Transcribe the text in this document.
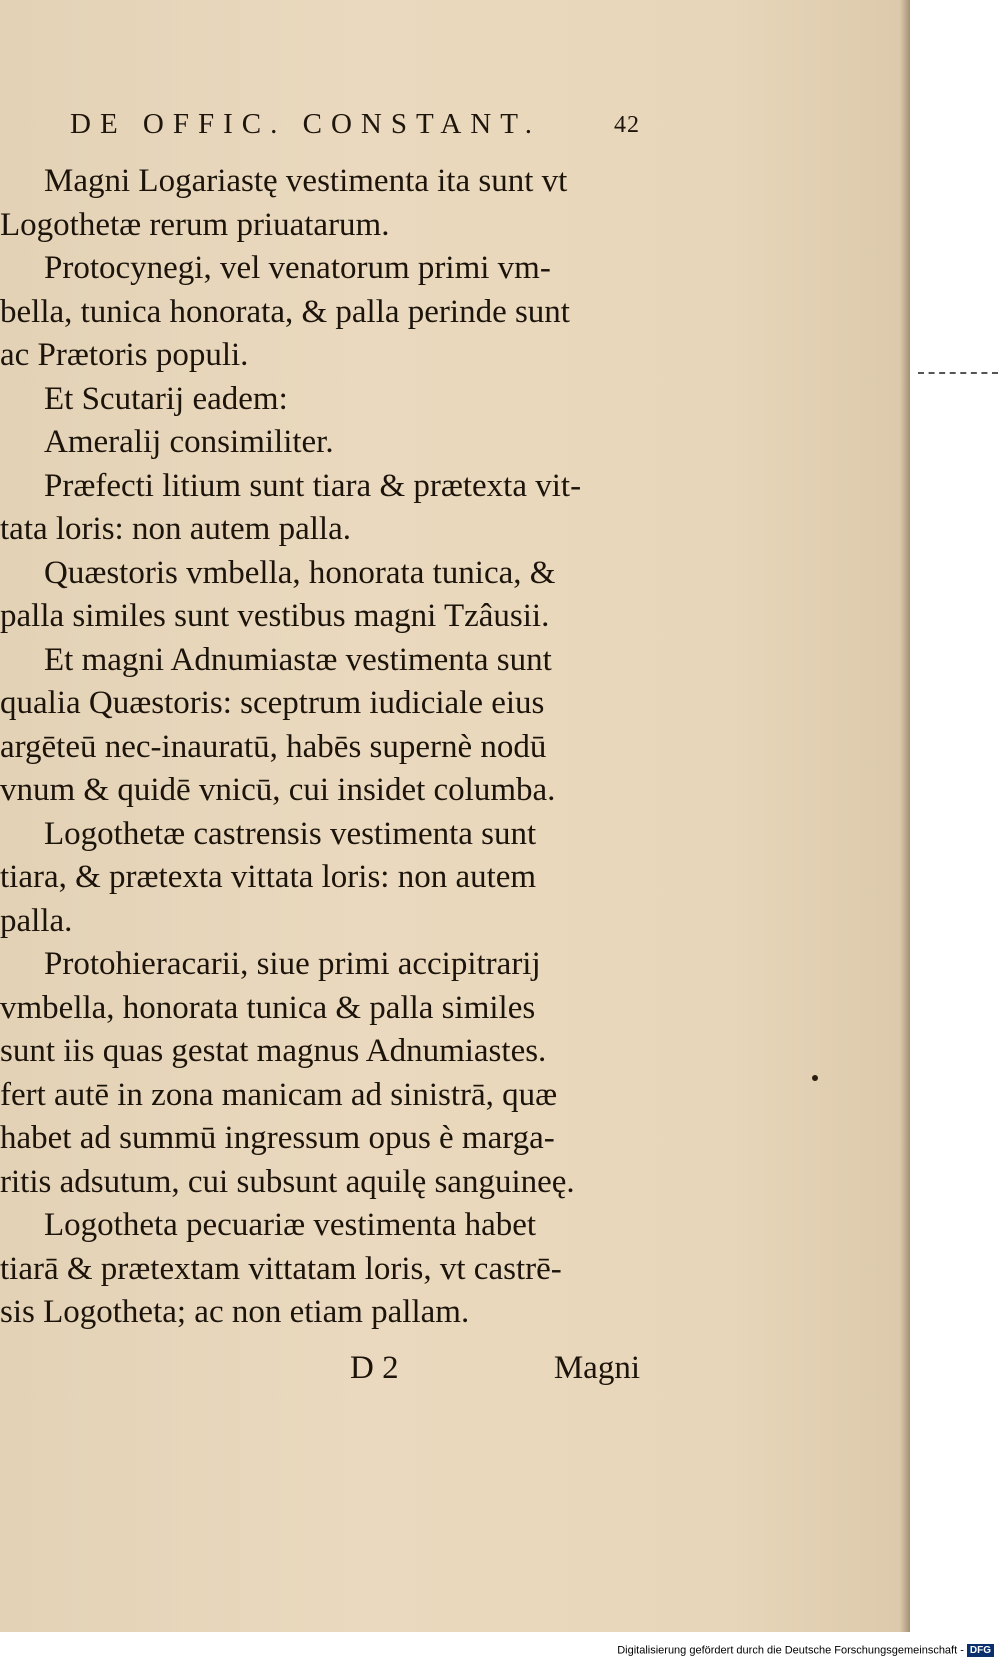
DE OFFIC. CONSTANT.	42
Magni Logariastę vestimenta ita sunt vt
Logothetæ rerum priuatarum.
Protocynegi, vel venatorum primi vm-
bella, tunica honorata, & palla perinde sunt
ac Prætoris populi.
Et Scutarij eadem:
Ameralij consimiliter.
Præfecti litium sunt tiara & prætexta vit-
tata loris: non autem palla.
Quæstoris vmbella, honorata tunica, &
palla similes sunt vestibus magni Tzâusii.
Et magni Adnumiastæ vestimenta sunt
qualia Quæstoris: sceptrum iudiciale eius
argēteū nec-inauratū, habēs supernè nodū
vnum & quidē vnicū, cui insidet columba.
Logothetæ castrensis vestimenta sunt
tiara, & prætexta vittata loris: non autem
palla.
Protohieracarii, siue primi accipitrarij
vmbella, honorata tunica & palla similes
sunt iis quas gestat magnus Adnumiastes.
fert autē in zona manicam ad sinistrā, quæ
habet ad summū ingressum opus è marga-
ritis adsutum, cui subsunt aquilę sanguineę.
Logotheta pecuariæ vestimenta habet
tiarā & prætextam vittatam loris, vt castrē-
sis Logotheta; ac non etiam pallam.
D 2	Magni
Digitalisierung gefördert durch die Deutsche Forschungsgemeinschaft - DFG
